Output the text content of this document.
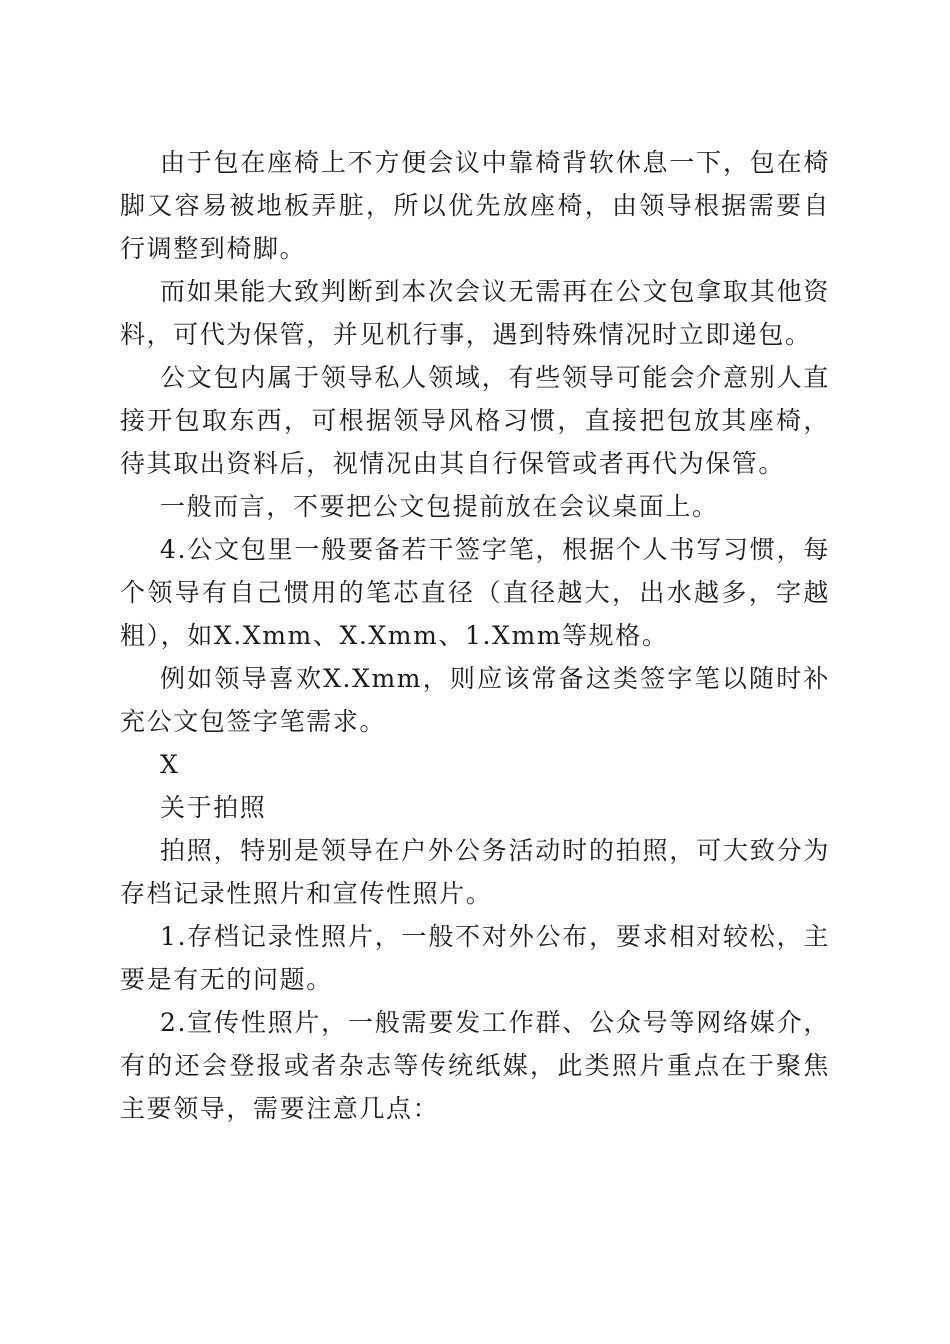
由于包在座椅上不方便会议中靠椅背软休息一下，包在椅脚又容易被地板弄脏，所以优先放座椅，由领导根据需要自行调整到椅脚。

而如果能大致判断到本次会议无需再在公文包拿取其他资料，可代为保管，并见机行事，遇到特殊情况时立即递包。

公文包内属于领导私人领域，有些领导可能会介意别人直接开包取东西，可根据领导风格习惯，直接把包放其座椅，待其取出资料后，视情况由其自行保管或者再代为保管。

一般而言，不要把公文包提前放在会议桌面上。

4.公文包里一般要备若干签字笔，根据个人书写习惯，每个领导有自己惯用的笔芯直径（直径越大，出水越多，字越粗），如X.Xmm、X.Xmm、1.Xmm等规格。

例如领导喜欢X.Xmm，则应该常备这类签字笔以随时补充公文包签字笔需求。

X

关于拍照

拍照，特别是领导在户外公务活动时的拍照，可大致分为存档记录性照片和宣传性照片。

1.存档记录性照片，一般不对外公布，要求相对较松，主要是有无的问题。

2.宣传性照片，一般需要发工作群、公众号等网络媒介，有的还会登报或者杂志等传统纸媒，此类照片重点在于聚焦主要领导，需要注意几点：
